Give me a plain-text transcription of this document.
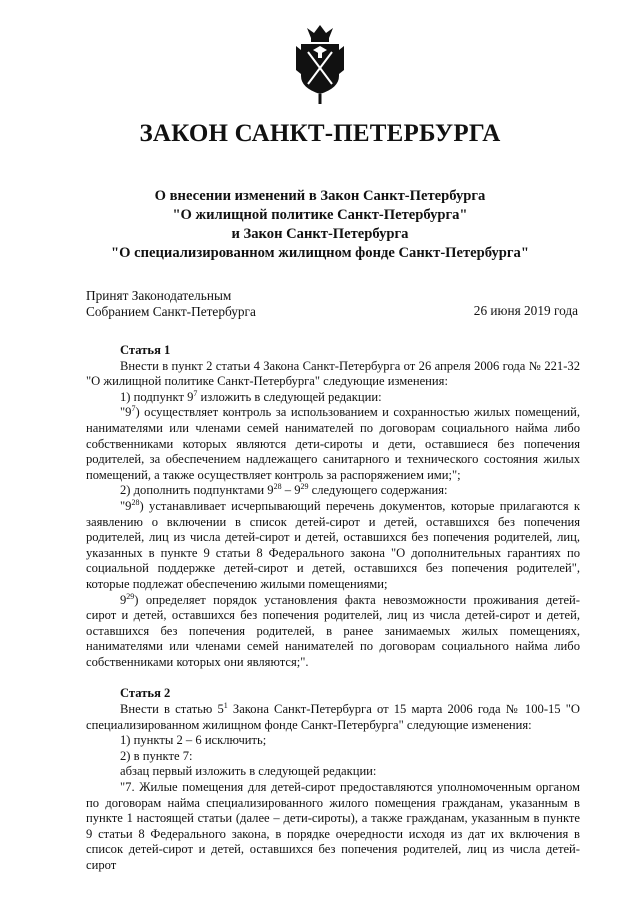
ЗАКОН САНКТ-ПЕТЕРБУРГА
О внесении изменений в Закон Санкт-Петербурга
"О жилищной политике Санкт-Петербурга"
и Закон Санкт-Петербурга
"О специализированном жилищном фонде Санкт-Петербурга"
Принят Законодательным
Собранием Санкт-Петербурга	26 июня 2019 года

Статья 1

Внести в пункт 2 статьи 4 Закона Санкт-Петербурга от 26 апреля 2006 года № 221-32 "О жилищной политике Санкт-Петербурга" следующие изменения:

1) подпункт $9^7$ изложить в следующей редакции:

"$9^7$) осуществляет контроль за использованием и сохранностью жилых помещений, нанимателями или членами семей нанимателей по договорам социального найма либо собственниками которых являются дети-сироты и дети, оставшиеся без попечения родителей, за обеспечением надлежащего санитарного и технического состояния жилых помещений, а также осуществляет контроль за распоряжением ими;";

2) дополнить подпунктами $9^{28} - 9^{29}$ следующего содержания:

"$9^{28}$) устанавливает исчерпывающий перечень документов, которые прилагаются к заявлению о включении в список детей-сирот и детей, оставшихся без попечения родителей, лиц из числа детей-сирот и детей, оставшихся без попечения родителей, лиц, указанных в пункте 9 статьи 8 Федерального закона "О дополнительных гарантиях по социальной поддержке детей-сирот и детей, оставшихся без попечения родителей", которые подлежат обеспечению жилыми помещениями;

$9^{29}$) определяет порядок установления факта невозможности проживания детей-сирот и детей, оставшихся без попечения родителей, лиц из числа детей-сирот и детей, оставшихся без попечения родителей, в ранее занимаемых жилых помещениях, нанимателями или членами семей нанимателей по договорам социального найма либо собственниками которых они являются;".

Статья 2

Внести в статью $5^1$ Закона Санкт-Петербурга от 15 марта 2006 года № 100-15 "О специализированном жилищном фонде Санкт-Петербурга" следующие изменения:

1) пункты 2 – 6 исключить;

2) в пункте 7:

абзац первый изложить в следующей редакции:

"7. Жилые помещения для детей-сирот предоставляются уполномоченным органом по договорам найма специализированного жилого помещения гражданам, указанным в пункте 1 настоящей статьи (далее – дети-сироты), а также гражданам, указанным в пункте 9 статьи 8 Федерального закона, в порядке очередности исходя из дат их включения в список детей-сирот и детей, оставшихся без попечения родителей, лиц из числа детей-сирот
